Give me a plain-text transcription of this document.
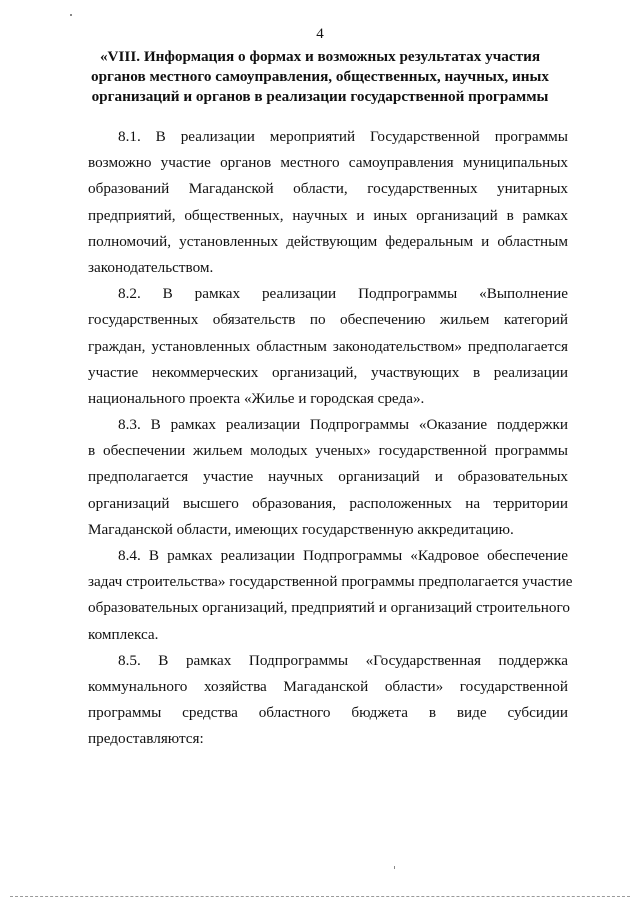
4
«VIII. Информация о формах и возможных результатах участия
органов местного самоуправления, общественных, научных, иных
организаций и органов в реализации государственной программы
8.1. В реализации мероприятий Государственной программы
возможно участие органов местного самоуправления муниципальных
образований Магаданской области, государственных унитарных
предприятий, общественных, научных и иных организаций в рамках
полномочий, установленных действующим федеральным и областным
законодательством.
8.2. В рамках реализации Подпрограммы «Выполнение
государственных обязательств по обеспечению жильем категорий
граждан, установленных областным законодательством» предполагается
участие некоммерческих организаций, участвующих в реализации
национального проекта «Жилье и городская среда».
8.3. В рамках реализации Подпрограммы «Оказание поддержки
в обеспечении жильем молодых ученых» государственной программы
предполагается участие научных организаций и образовательных
организаций высшего образования, расположенных на территории
Магаданской области, имеющих государственную аккредитацию.
8.4. В рамках реализации Подпрограммы «Кадровое обеспечение
задач строительства» государственной программы предполагается участие
образовательных организаций, предприятий и организаций строительного
комплекса.
8.5. В рамках Подпрограммы «Государственная поддержка
коммунального хозяйства Магаданской области» государственной
программы средства областного бюджета в виде субсидии
предоставляются:
